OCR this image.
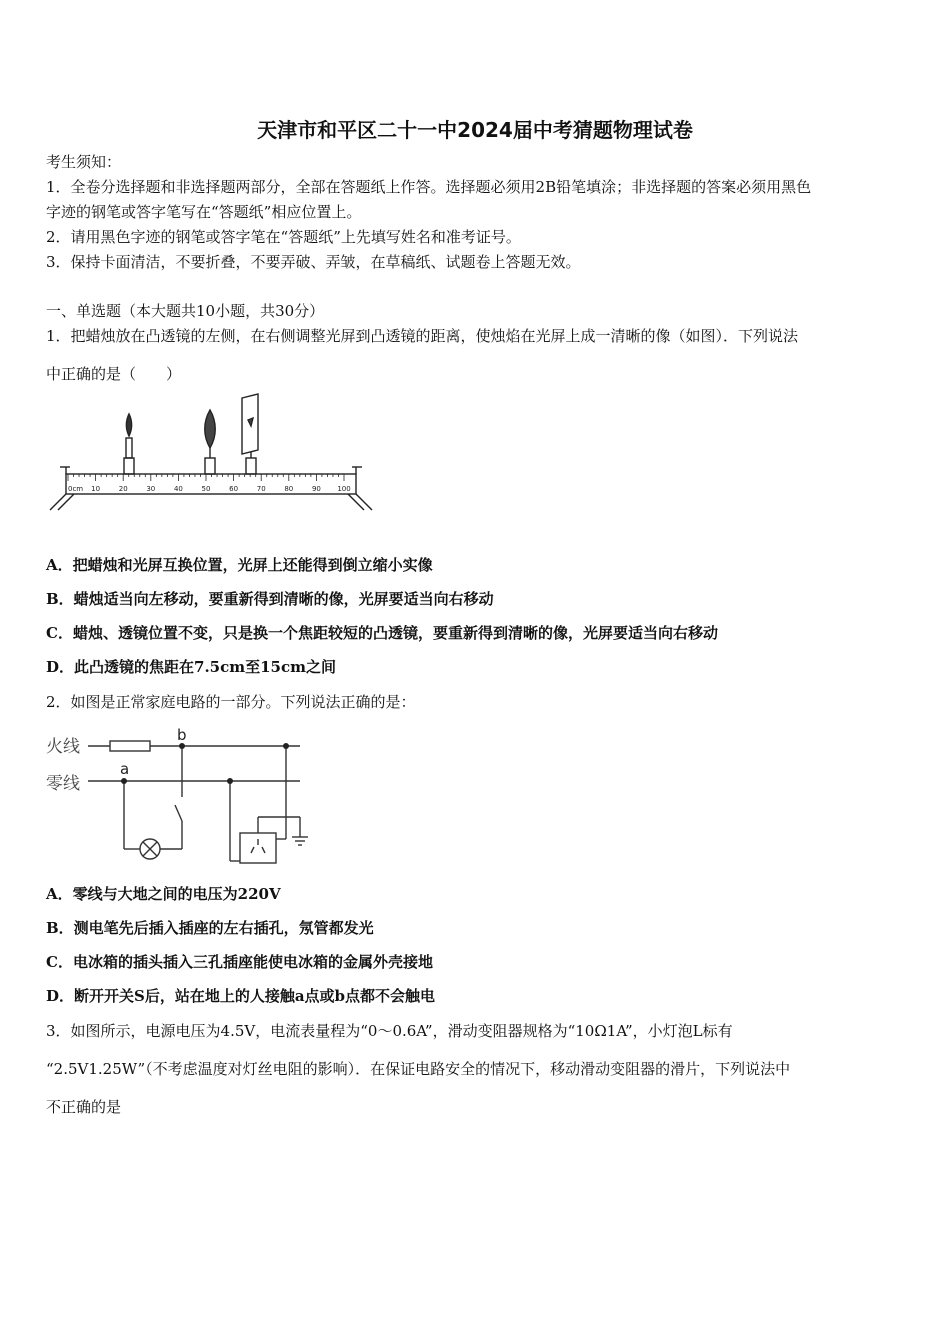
天津市和平区二十一中2024届中考猜题物理试卷
考生须知：
1．全卷分选择题和非选择题两部分，全部在答题纸上作答。选择题必须用2B铅笔填涂；非选择题的答案必须用黑色
字迹的钢笔或答字笔写在“答题纸”相应位置上。
2．请用黑色字迹的钢笔或答字笔在“答题纸”上先填写姓名和准考证号。
3．保持卡面清洁，不要折叠，不要弄破、弄皱，在草稿纸、试题卷上答题无效。
一、单选题（本大题共10小题，共30分）
1．把蜡烛放在凸透镜的左侧，在右侧调整光屏到凸透镜的距离，使烛焰在光屏上成一清晰的像（如图）．下列说法
中正确的是（　　）
0cm 10	20	30	40	50	60	70	80	90 100
A．把蜡烛和光屏互换位置，光屏上还能得到倒立缩小实像
B．蜡烛适当向左移动，要重新得到清晰的像，光屏要适当向右移动
C．蜡烛、透镜位置不变，只是换一个焦距较短的凸透镜，要重新得到清晰的像，光屏要适当向右移动
D．此凸透镜的焦距在7.5cm至15cm之间
2．如图是正常家庭电路的一部分。下列说法正确的是：
火线
零线
a
b
A．零线与大地之间的电压为220V
B．测电笔先后插入插座的左右插孔，氖管都发光
C．电冰箱的插头插入三孔插座能使电冰箱的金属外壳接地
D．断开开关S后，站在地上的人接触a点或b点都不会触电
3．如图所示，电源电压为4.5V，电流表量程为“0～0.6A”，滑动变阻器规格为“10Ω1A”，小灯泡L标有
“2.5V1.25W”（不考虑温度对灯丝电阻的影响）．在保证电路安全的情况下，移动滑动变阻器的滑片，下列说法中
不正确的是
